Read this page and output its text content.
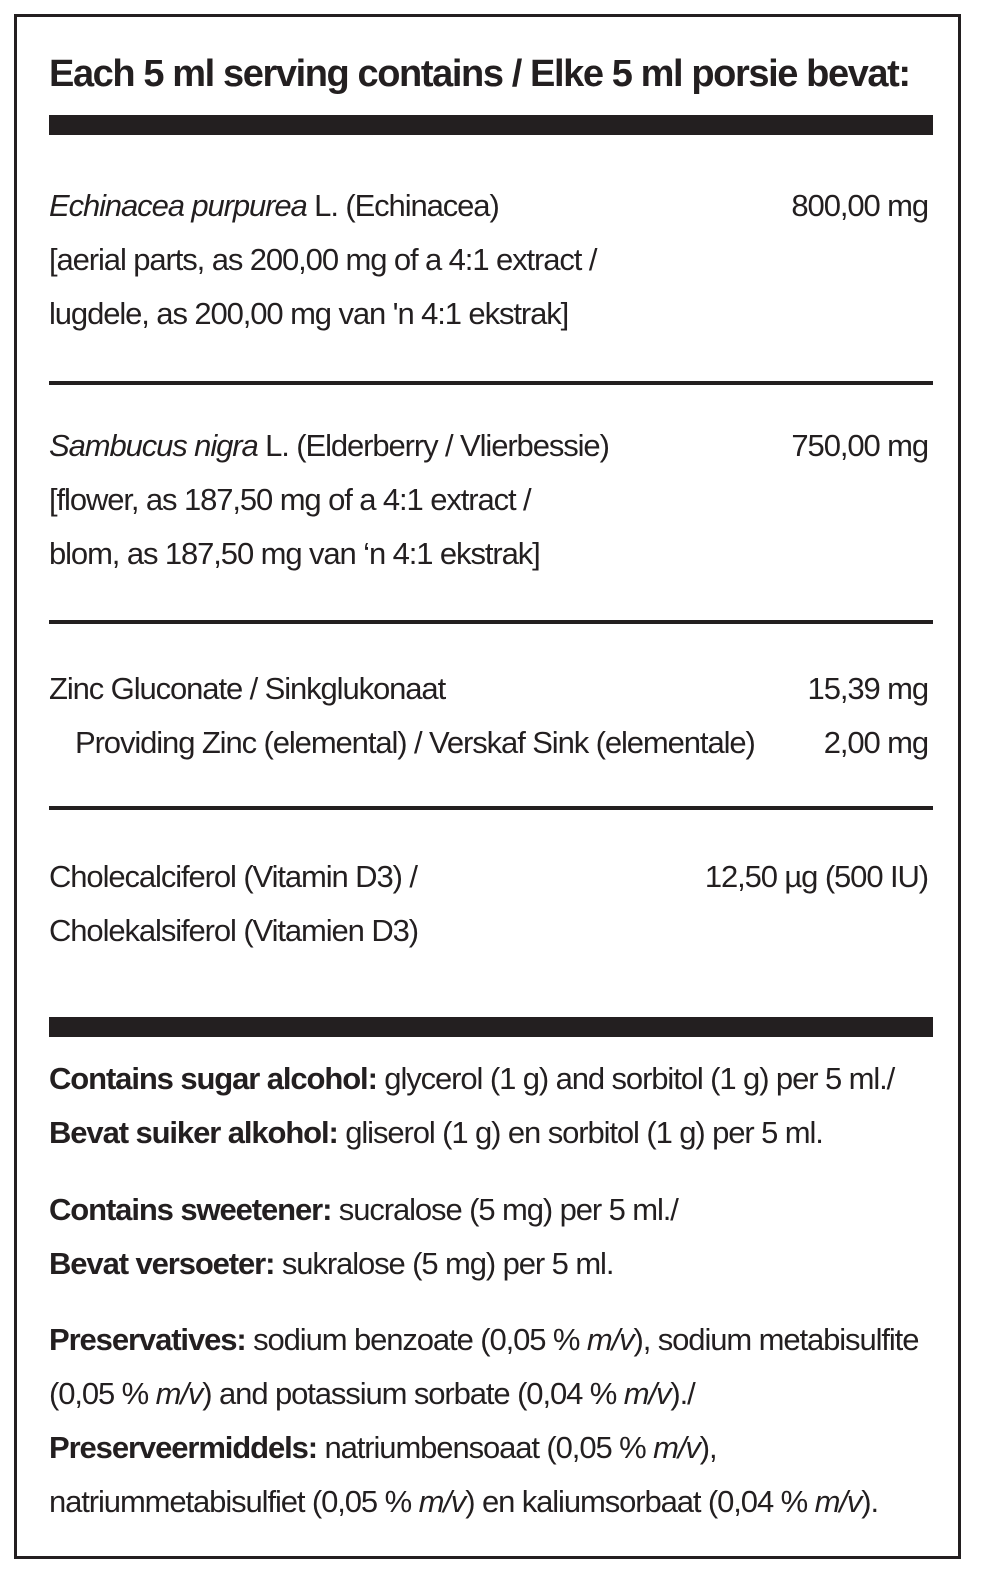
Each 5 ml serving contains / Elke 5 ml porsie bevat:
Echinacea purpurea L. (Echinacea)	800,00 mg
[aerial parts, as 200,00 mg of a 4:1 extract /
lugdele, as 200,00 mg van 'n 4:1 ekstrak]
Sambucus nigra L. (Elderberry / Vlierbessie)	750,00 mg
[flower, as 187,50 mg of a 4:1 extract /
blom, as 187,50 mg van ‘n 4:1 ekstrak]
Zinc Gluconate / Sinkglukonaat	15,39 mg
Providing Zinc (elemental) / Verskaf Sink (elementale) 2,00 mg
Cholecalciferol (Vitamin D3) /	12,50 µg (500 IU)
Cholekalsiferol (Vitamien D3)
Contains sugar alcohol: glycerol (1 g) and sorbitol (1 g) per 5 ml./
Bevat suiker alkohol: gliserol (1 g) en sorbitol (1 g) per 5 ml.
Contains sweetener: sucralose (5 mg) per 5 ml./
Bevat versoeter: sukralose (5 mg) per 5 ml.
Preservatives: sodium benzoate (0,05 % m/v), sodium metabisulfite
(0,05 % m/v) and potassium sorbate (0,04 % m/v)./
Preserveermiddels: natriumbensoaat (0,05 % m/v),
natriummetabisulfiet (0,05 % m/v) en kaliumsorbaat (0,04 % m/v).
